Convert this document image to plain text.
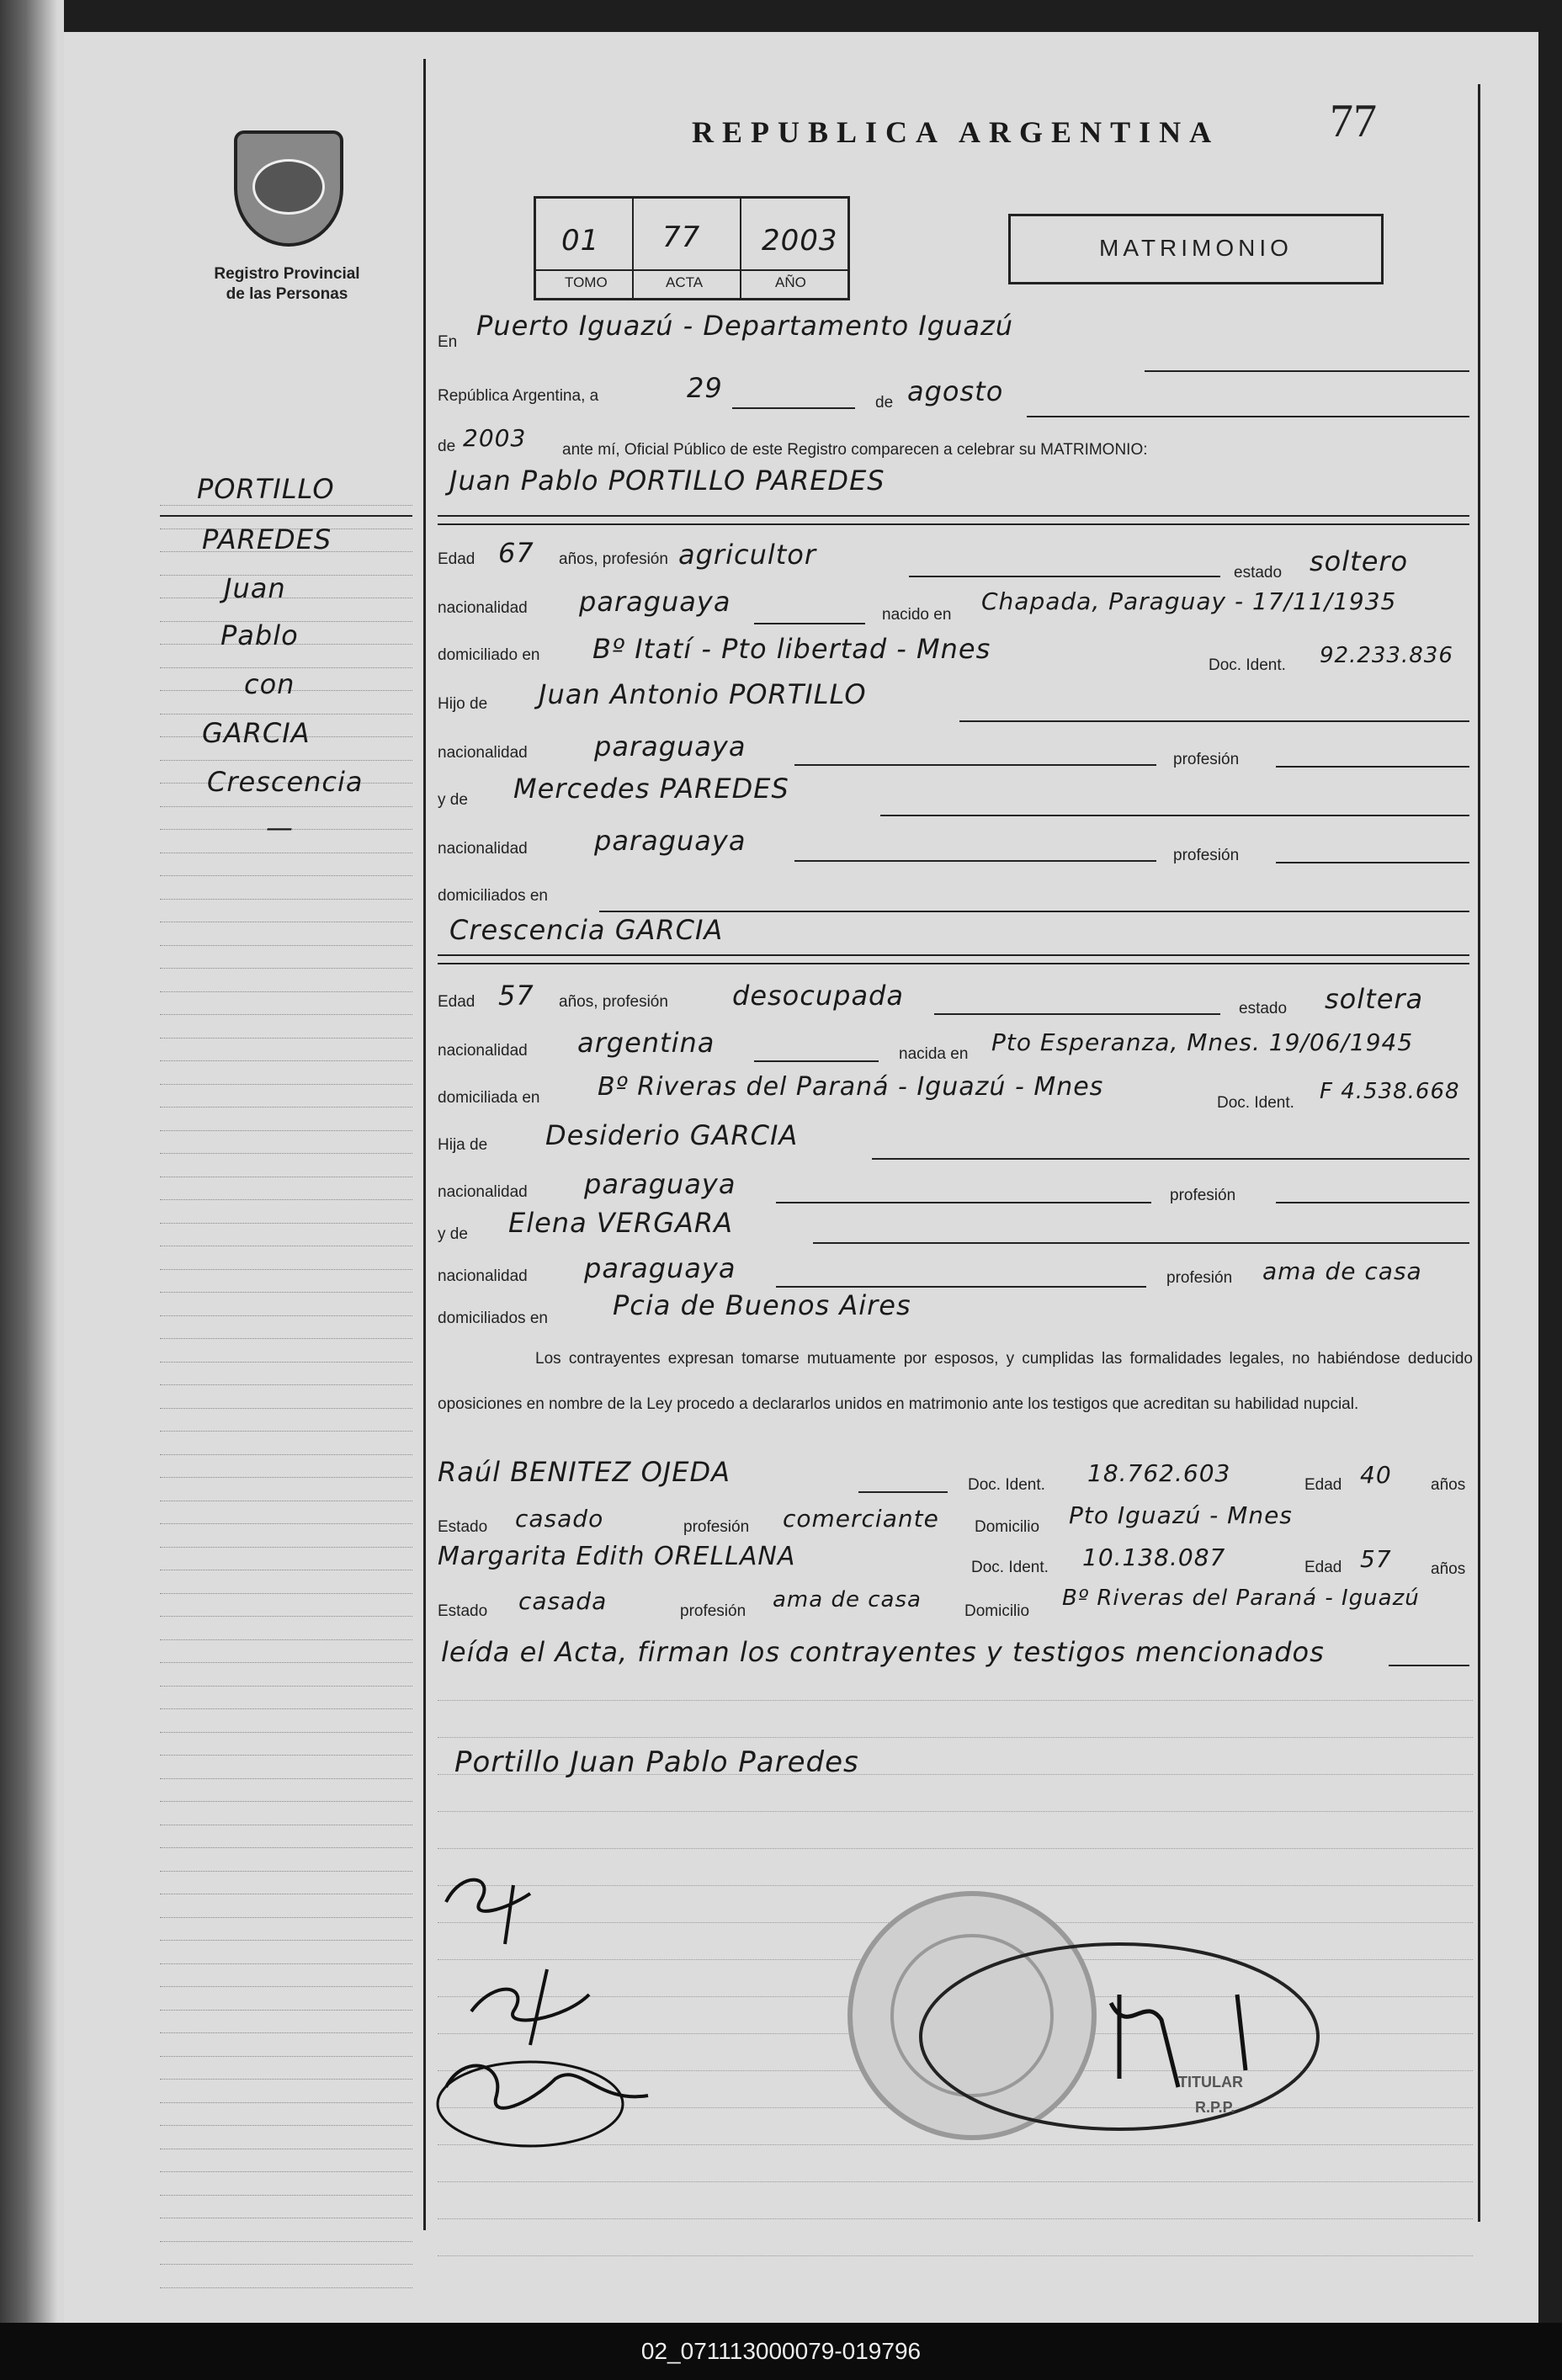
Registro Provincial
de las Personas
REPUBLICA ARGENTINA 77
01 77 2003
TOMO	ACTA	AÑO
MATRIMONIO
PORTILLO
PAREDES
Juan
Pablo
con
GARCIA
Crescencia
—
En
Puerto Iguazú - Departamento Iguazú
República Argentina, a	29	de agosto
de 2003 ante mí, Oficial Público de este Registro comparecen a celebrar su MATRIMONIO:
Juan Pablo PORTILLO PAREDES
Edad 67 años, profesión agricultor
estado soltero
nacionalidad paraguaya	nacido en Chapada, Paraguay - 17/11/1935
domiciliado en Bº Itatí - Pto libertad - Mnes
Doc. Ident. 92.233.836
Hijo de Juan Antonio PORTILLO
nacionalidad paraguaya	profesión
y de Mercedes PAREDES
nacionalidad paraguaya	profesión
domiciliados en
Crescencia GARCIA
Edad 57 años, profesión desocupada	estado soltera
nacionalidad argentina	nacida en Pto Esperanza, Mnes. 19/06/1945
domiciliada en Bº Riveras del Paraná - Iguazú - Mnes
Doc. Ident. F 4.538.668
Hija de Desiderio GARCIA
nacionalidad paraguaya	profesión
y de Elena VERGARA
nacionalidad paraguaya	profesión ama de casa
domiciliados en Pcia de Buenos Aires
Los contrayentes expresan tomarse mutuamente por esposos, y cumplidas las formalidades legales, no habiéndose deducido oposiciones en nombre de la Ley procedo a declararlos unidos en matrimonio ante los testigos que acreditan su habilidad nupcial.
Raúl BENITEZ OJEDA	Doc. Ident. 18.762.603	Edad 40 años
Estado casado	profesión comerciante Domicilio Pto Iguazú - Mnes
Margarita Edith ORELLANA	Doc. Ident. 10.138.087	Edad 57 años
Estado casada	profesión ama de casa	Domicilio
Bº Riveras del Paraná - Iguazú
leída el Acta, firman los contrayentes y testigos mencionados
Portillo Juan Pablo Paredes
TITULAR
R.P.P.
02_071113000079-019796
